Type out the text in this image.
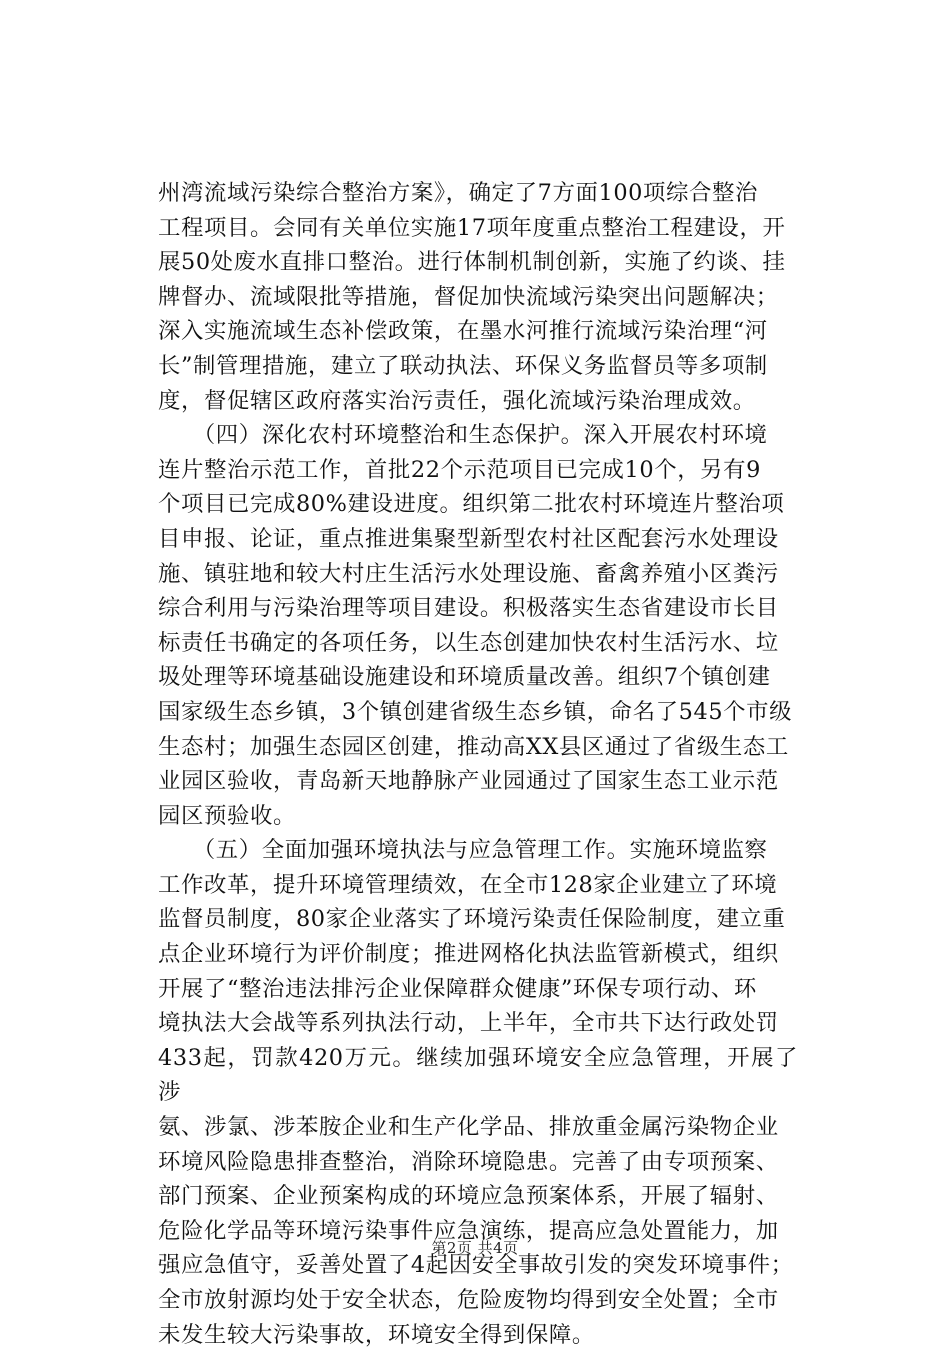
州湾流域污染综合整治方案》，确定了7方面100项综合整治
工程项目。会同有关单位实施17项年度重点整治工程建设，开
展50处废水直排口整治。进行体制机制创新，实施了约谈、挂
牌督办、流域限批等措施，督促加快流域污染突出问题解决；
深入实施流域生态补偿政策，在墨水河推行流域污染治理“河
长”制管理措施，建立了联动执法、环保义务监督员等多项制
度，督促辖区政府落实治污责任，强化流域污染治理成效。

　　（四）深化农村环境整治和生态保护。深入开展农村环境
连片整治示范工作，首批22个示范项目已完成10个，另有9
个项目已完成80%建设进度。组织第二批农村环境连片整治项
目申报、论证，重点推进集聚型新型农村社区配套污水处理设
施、镇驻地和较大村庄生活污水处理设施、畜禽养殖小区粪污
综合利用与污染治理等项目建设。积极落实生态省建设市长目
标责任书确定的各项任务，以生态创建加快农村生活污水、垃
圾处理等环境基础设施建设和环境质量改善。组织7个镇创建
国家级生态乡镇，3个镇创建省级生态乡镇，命名了545个市级
生态村；加强生态园区创建，推动高XX县区通过了省级生态工
业园区验收，青岛新天地静脉产业园通过了国家生态工业示范
园区预验收。

　　（五）全面加强环境执法与应急管理工作。实施环境监察
工作改革，提升环境管理绩效，在全市128家企业建立了环境
监督员制度，80家企业落实了环境污染责任保险制度，建立重
点企业环境行为评价制度；推进网格化执法监管新模式，组织
开展了“整治违法排污企业保障群众健康”环保专项行动、环
境执法大会战等系列执法行动，上半年，全市共下达行政处罚
433起，罚款420万元。继续加强环境安全应急管理，开展了涉
氨、涉氯、涉苯胺企业和生产化学品、排放重金属污染物企业
环境风险隐患排查整治，消除环境隐患。完善了由专项预案、
部门预案、企业预案构成的环境应急预案体系，开展了辐射、
危险化学品等环境污染事件应急演练，提高应急处置能力，加
强应急值守，妥善处置了4起因安全事故引发的突发环境事件；
全市放射源均处于安全状态，危险废物均得到安全处置；全市
未发生较大污染事故，环境安全得到保障。

第2页 共4页
